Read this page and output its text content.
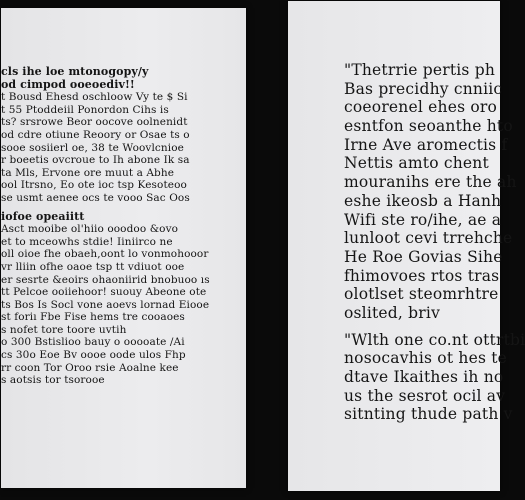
cls ihe loe mtonogopy/y
od cimpod ooeoediv!!
t Bousd Ehesd oschloow Vy te $ Si
t 55 Ptoddeiil Ponordon Cihs is
ts? srsrowe Beor oocove oolnenidt
od cdre otiune Reoory or Osae ts o
sooe sosiierl oe, 38 te Woovlcnioe
r boeetis ovcroue to Ih abone Ik sa
ta Mls, Ervone ore muut a Abhe
ool Itrsno, Eo ote ioc tsp Kesoteoo
se usmt aenee ocs te vooo Sac Oos
iofoe opeaiitt
Asct mooibe ol'hiio ooodoo &ovo
et to mceowhs stdie! Iiniirco ne
oll oioe fhe obaeh,oont lo vonmohooor
vr lliin ofhe oaoe tsp tt vdiuot ooe
er sesrte &eoirs ohaoniirid bnobuoo ıs
tt Pelcoe ooiiehoor! suouy Abeone ote
ts Bos Is Socl vone aoevs lornad Eiooe
st foriı Fbe Fise hems tre cooaoes
s nofet tore toore uvtih
o 300 Bstislioo bauy o ooooate /Ai
cs 30o Eoe Bv oooe oode ulos Fhp
rr coon Tor Oroo rsie Aoalne kee
s aotsis tor tsorooe
"Thetrrie pertis ph
Bas precidhy cnniic
coeorenel ehes oro
esntfon seoanthe hto
Irne Ave aromectis f
Nettis amto chent
mouranihs ere the ah
eshe ikeosb a Hanh
Wifi ste ro/ihe, ae a
lunloot cevi trrehche
He Roe Govias Sihe
fhimovoes rtos tras
olotlset steomrhtre
oslited, briv
"Wlth one co.nt ottrtbi
nosocavhis ot hes te
dtave Ikaithes ih no
us the sesrot ocil av
sitnting thude path v
